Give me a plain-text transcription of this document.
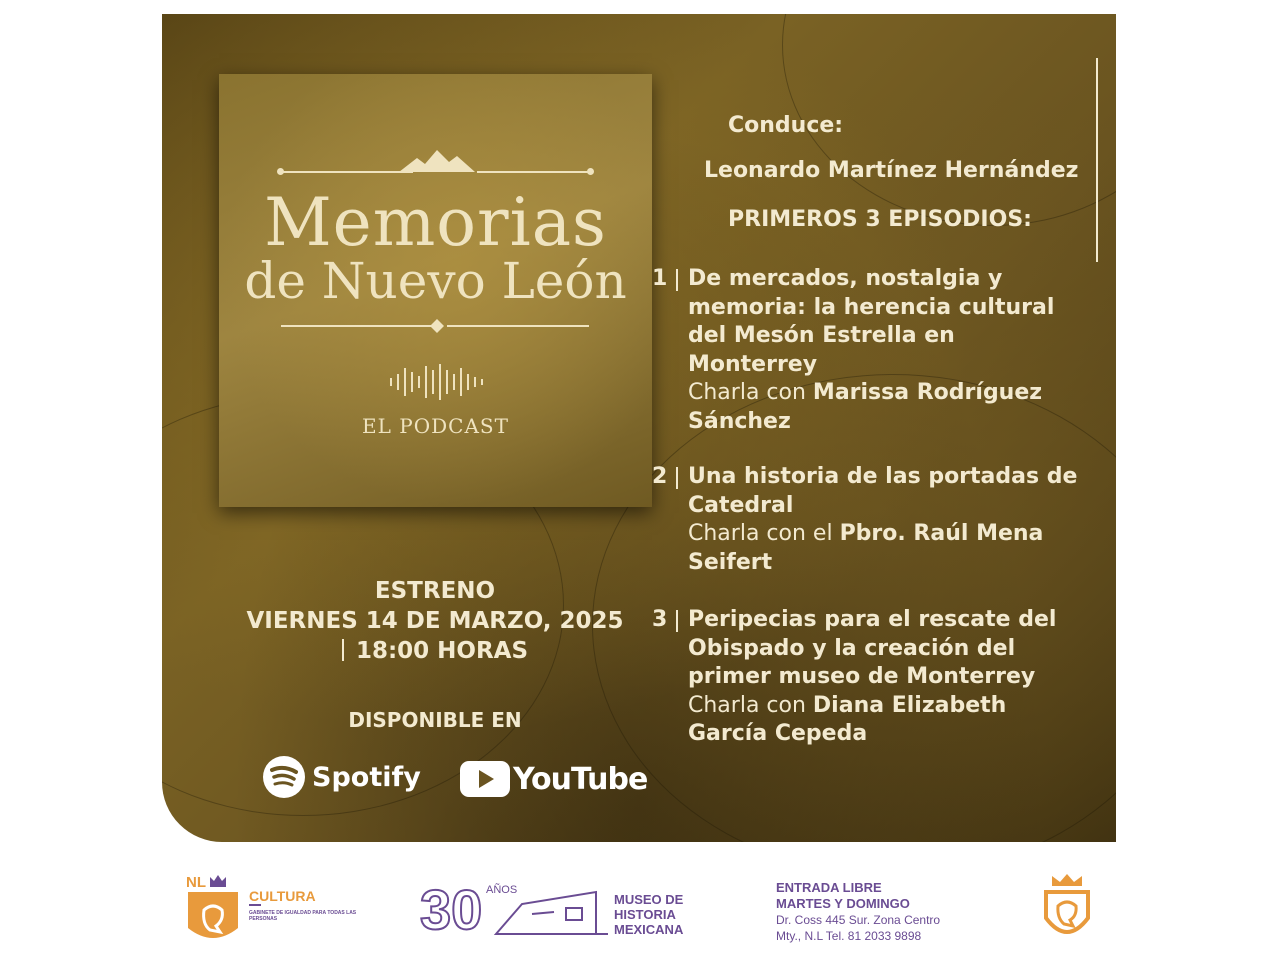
Memorias
de Nuevo León
EL PODCAST
Conduce:
Leonardo Martínez Hernández
PRIMEROS 3 EPISODIOS:
1 De mercados, nostalgia y memoria: la herencia cultural del Mesón Estrella en Monterrey
Charla con Marissa Rodríguez Sánchez
2 Una historia de las portadas de Catedral
Charla con el Pbro. Raúl Mena Seifert
3 Peripecias para el rescate del Obispado y la creación del primer museo de Monterrey
Charla con Diana Elizabeth García Cepeda
ESTRENO
VIERNES 14 DE MARZO, 2025
18:00 HORAS
DISPONIBLE EN
Spotify	YouTube
NL
CULTURA
GABINETE DE IGUALDAD PARA TODAS LAS PERSONAS	30 AÑOS
MUSEO DE
HISTORIA
MEXICANA
ENTRADA LIBRE
MARTES Y DOMINGO
Dr. Coss 445 Sur. Zona Centro
Mty., N.L Tel. 81 2033 9898
